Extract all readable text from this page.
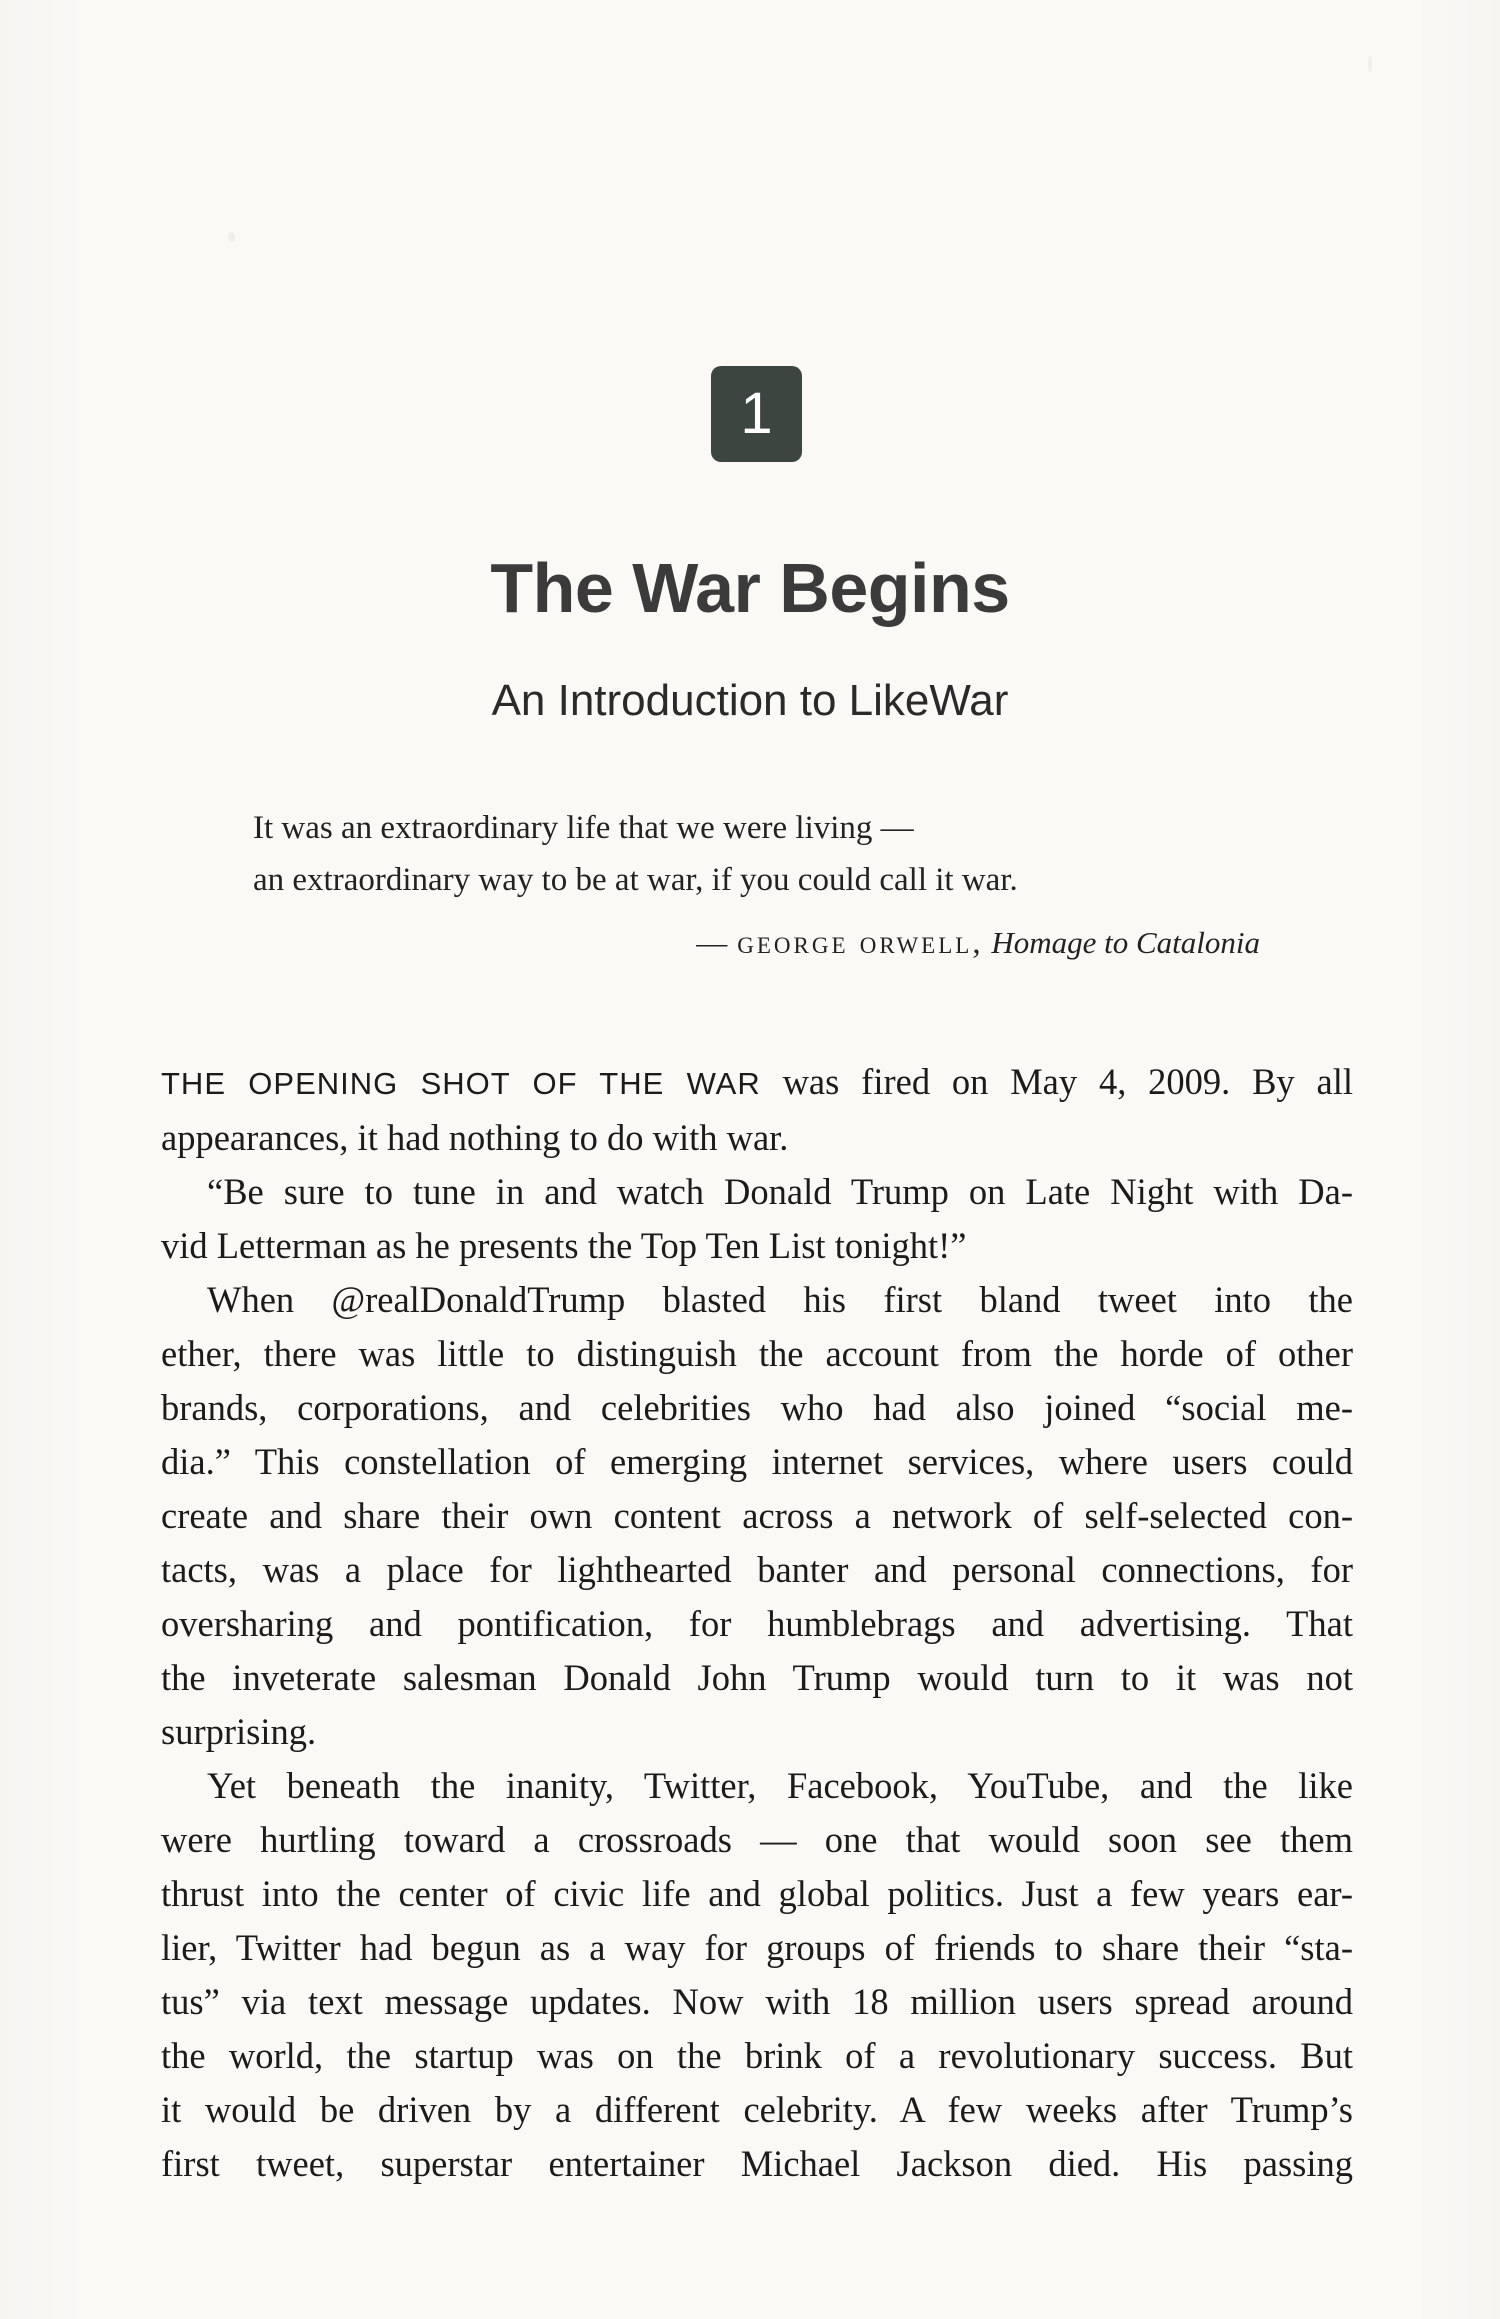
1
The War Begins
An Introduction to LikeWar
It was an extraordinary life that we were living —
an extraordinary way to be at war, if you could call it war.
— george orwell, Homage to Catalonia
THE OPENING SHOT OF THE WAR was fired on May 4, 2009. By all
appearances, it had nothing to do with war.
“Be sure to tune in and watch Donald Trump on Late Night with Da-
vid Letterman as he presents the Top Ten List tonight!”
When @realDonaldTrump blasted his first bland tweet into the
ether, there was little to distinguish the account from the horde of other
brands, corporations, and celebrities who had also joined “social me-
dia.” This constellation of emerging internet services, where users could
create and share their own content across a network of self-selected con-
tacts, was a place for lighthearted banter and personal connections, for
oversharing and pontification, for humblebrags and advertising. That
the inveterate salesman Donald John Trump would turn to it was not
surprising.
Yet beneath the inanity, Twitter, Facebook, YouTube, and the like
were hurtling toward a crossroads — one that would soon see them
thrust into the center of civic life and global politics. Just a few years ear-
lier, Twitter had begun as a way for groups of friends to share their “sta-
tus” via text message updates. Now with 18 million users spread around
the world, the startup was on the brink of a revolutionary success. But
it would be driven by a different celebrity. A few weeks after Trump’s
first tweet, superstar entertainer Michael Jackson died. His passing
